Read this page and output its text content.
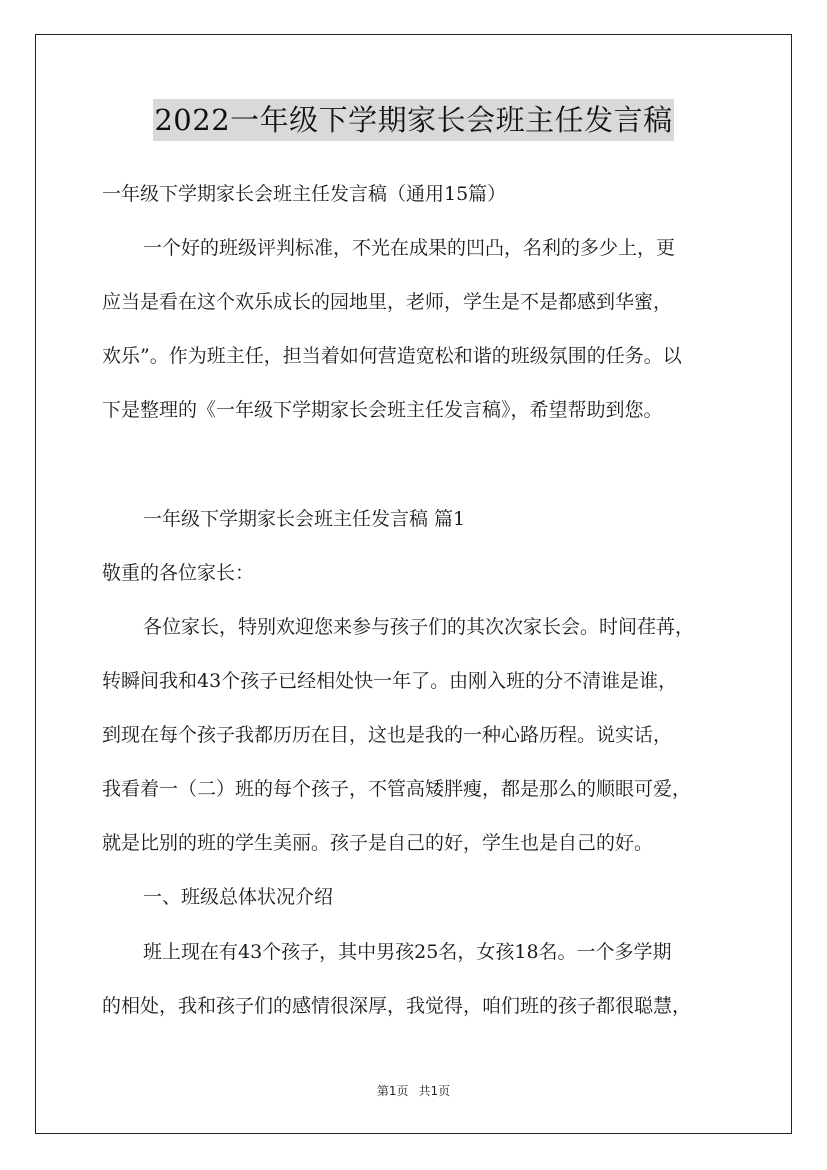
2022一年级下学期家长会班主任发言稿
一年级下学期家长会班主任发言稿（通用15篇）
一个好的班级评判标准，不光在成果的凹凸，名利的多少上，更
应当是看在这个欢乐成长的园地里，老师，学生是不是都感到华蜜，
欢乐”。作为班主任，担当着如何营造宽松和谐的班级氛围的任务。以
下是整理的《一年级下学期家长会班主任发言稿》，希望帮助到您。
一年级下学期家长会班主任发言稿 篇1
敬重的各位家长：
各位家长，特别欢迎您来参与孩子们的其次次家长会。时间荏苒，
转瞬间我和43个孩子已经相处快一年了。由刚入班的分不清谁是谁，
到现在每个孩子我都历历在目，这也是我的一种心路历程。说实话，
我看着一（二）班的每个孩子，不管高矮胖瘦，都是那么的顺眼可爱，
就是比别的班的学生美丽。孩子是自己的好，学生也是自己的好。
一、班级总体状况介绍
班上现在有43个孩子，其中男孩25名，女孩18名。一个多学期
的相处，我和孩子们的感情很深厚，我觉得，咱们班的孩子都很聪慧，
第1页 共1页
